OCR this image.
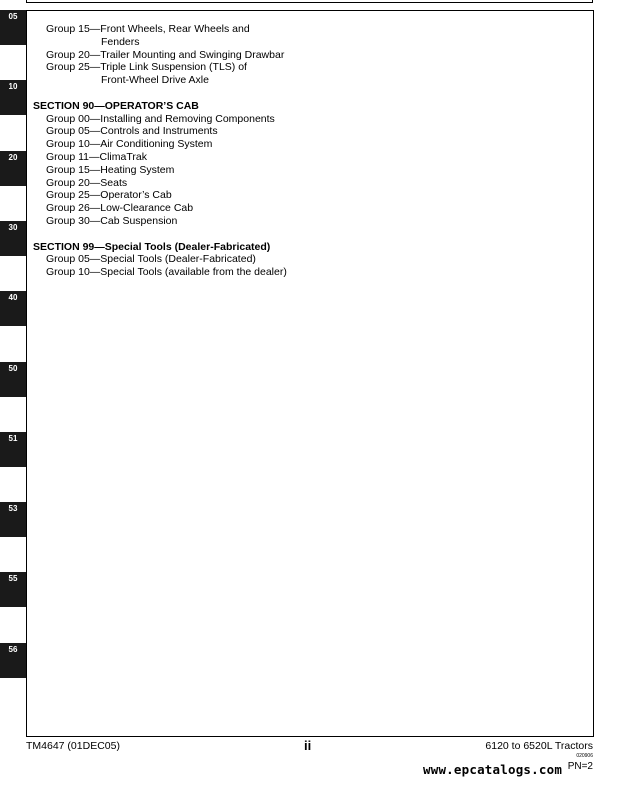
05
10
20
30
40
50
51
53
55
56
Group 15—Front Wheels, Rear Wheels and
Fenders
Group 20—Trailer Mounting and Swinging Drawbar
Group 25—Triple Link Suspension (TLS) of
Front-Wheel Drive Axle
SECTION 90—OPERATOR’S CAB
Group 00—Installing and Removing Components
Group 05—Controls and Instruments
Group 10—Air Conditioning System
Group 11—ClimaTrak
Group 15—Heating System
Group 20—Seats
Group 25—Operator’s Cab
Group 26—Low-Clearance Cab
Group 30—Cab Suspension
SECTION 99—Special Tools (Dealer-Fabricated)
Group 05—Special Tools (Dealer-Fabricated)
Group 10—Special Tools (available from the dealer)
TM4647 (01DEC05)	ii	6120 to 6520L Tractors
020906
PN=2
www.epcatalogs.com
